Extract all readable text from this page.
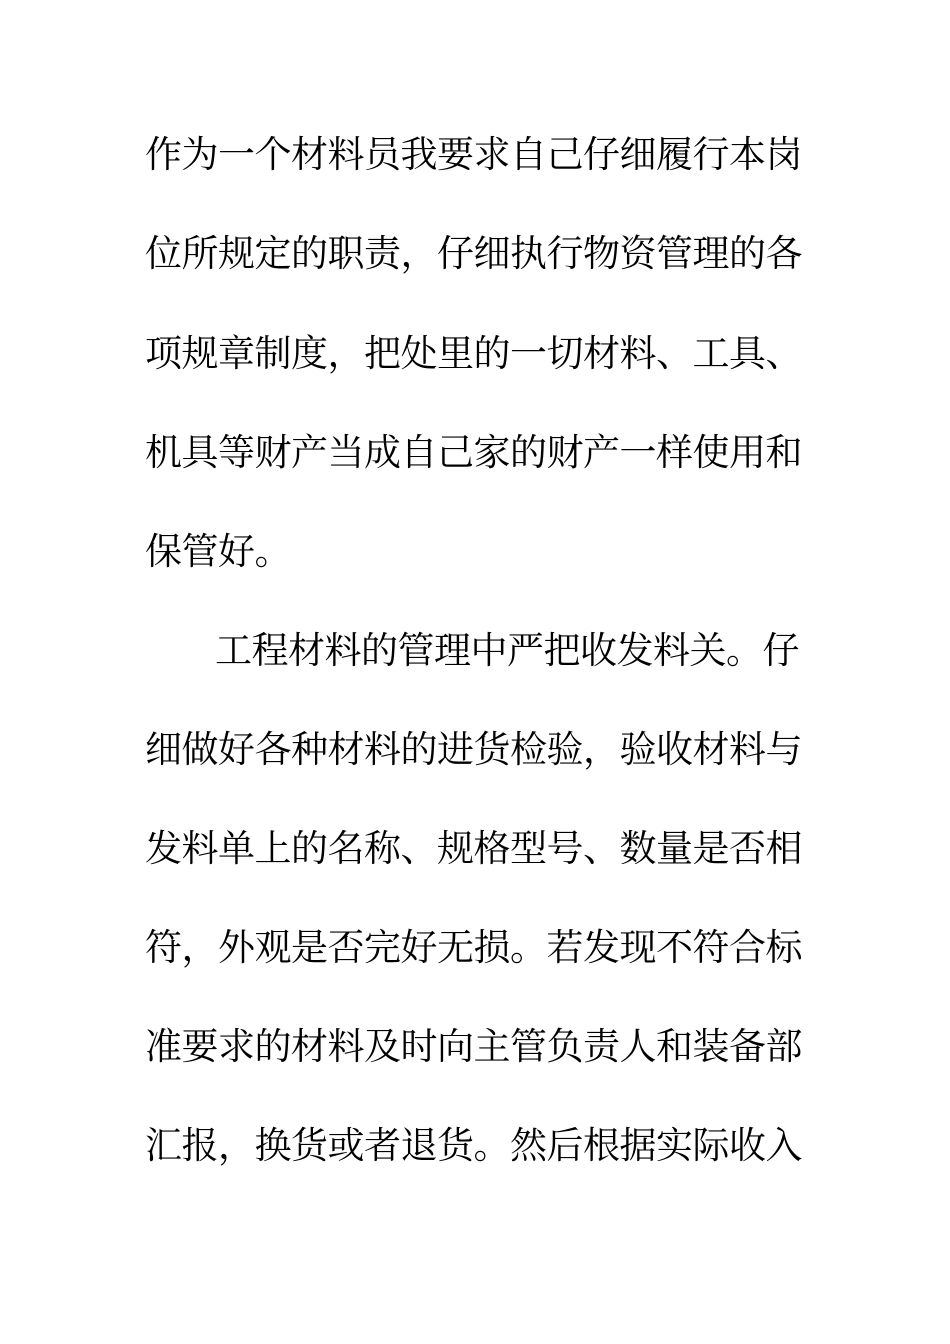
作为一个材料员我要求自己仔细履行本岗
位所规定的职责，仔细执行物资管理的各
项规章制度，把处里的一切材料、工具、
机具等财产当成自己家的财产一样使用和
保管好。
工程材料的管理中严把收发料关。仔
细做好各种材料的进货检验，验收材料与
发料单上的名称、规格型号、数量是否相
符，外观是否完好无损。若发现不符合标
准要求的材料及时向主管负责人和装备部
汇报，换货或者退货。然后根据实际收入
